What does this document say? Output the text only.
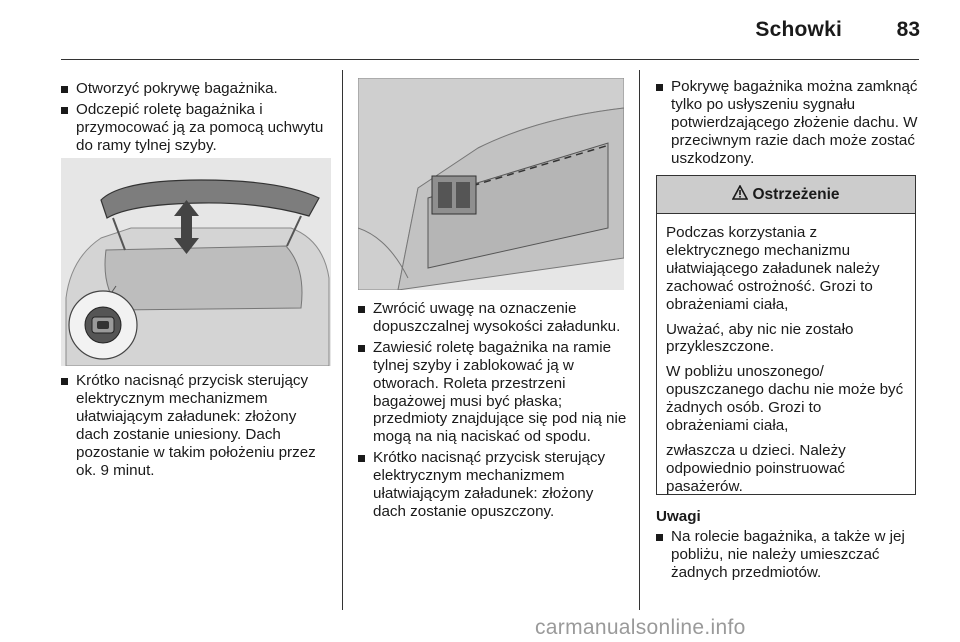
Schowki	83
Otworzyć pokrywę bagażnika.
Odczepić roletę bagażnika i przymocować ją za pomocą uchwytu do ramy tylnej szyby.
Krótko nacisnąć przycisk sterujący elektrycznym mechanizmem ułatwiającym załadunek: złożony dach zostanie uniesiony. Dach pozostanie w takim położeniu przez ok. 9 minut.
Zwrócić uwagę na oznaczenie dopuszczalnej wysokości załadunku.
Zawiesić roletę bagażnika na ramie tylnej szyby i zablokować ją w otworach. Roleta przestrzeni bagażowej musi być płaska; przedmioty znajdujące się pod nią nie mogą na nią naciskać od spodu.
Krótko nacisnąć przycisk sterujący elektrycznym mechanizmem ułatwiającym załadunek: złożony dach zostanie opuszczony.
Pokrywę bagażnika można zamknąć tylko po usłyszeniu sygnału potwierdzającego złożenie dachu. W przeciwnym razie dach może zostać uszkodzony.
Ostrzeżenie

Podczas korzystania z elektrycznego mechanizmu ułatwiającego załadunek należy zachować ostrożność. Grozi to obrażeniami ciała,

Uważać, aby nic nie zostało przykleszczone.

W pobliżu unoszonego/ opuszczanego dachu nie może być żadnych osób. Grozi to obrażeniami ciała,

zwłaszcza u dzieci. Należy odpowiednio poinstruować pasażerów.

Uwagi
Na rolecie bagażnika, a także w jej pobliżu, nie należy umieszczać żadnych przedmiotów.
carmanualsonline.info
